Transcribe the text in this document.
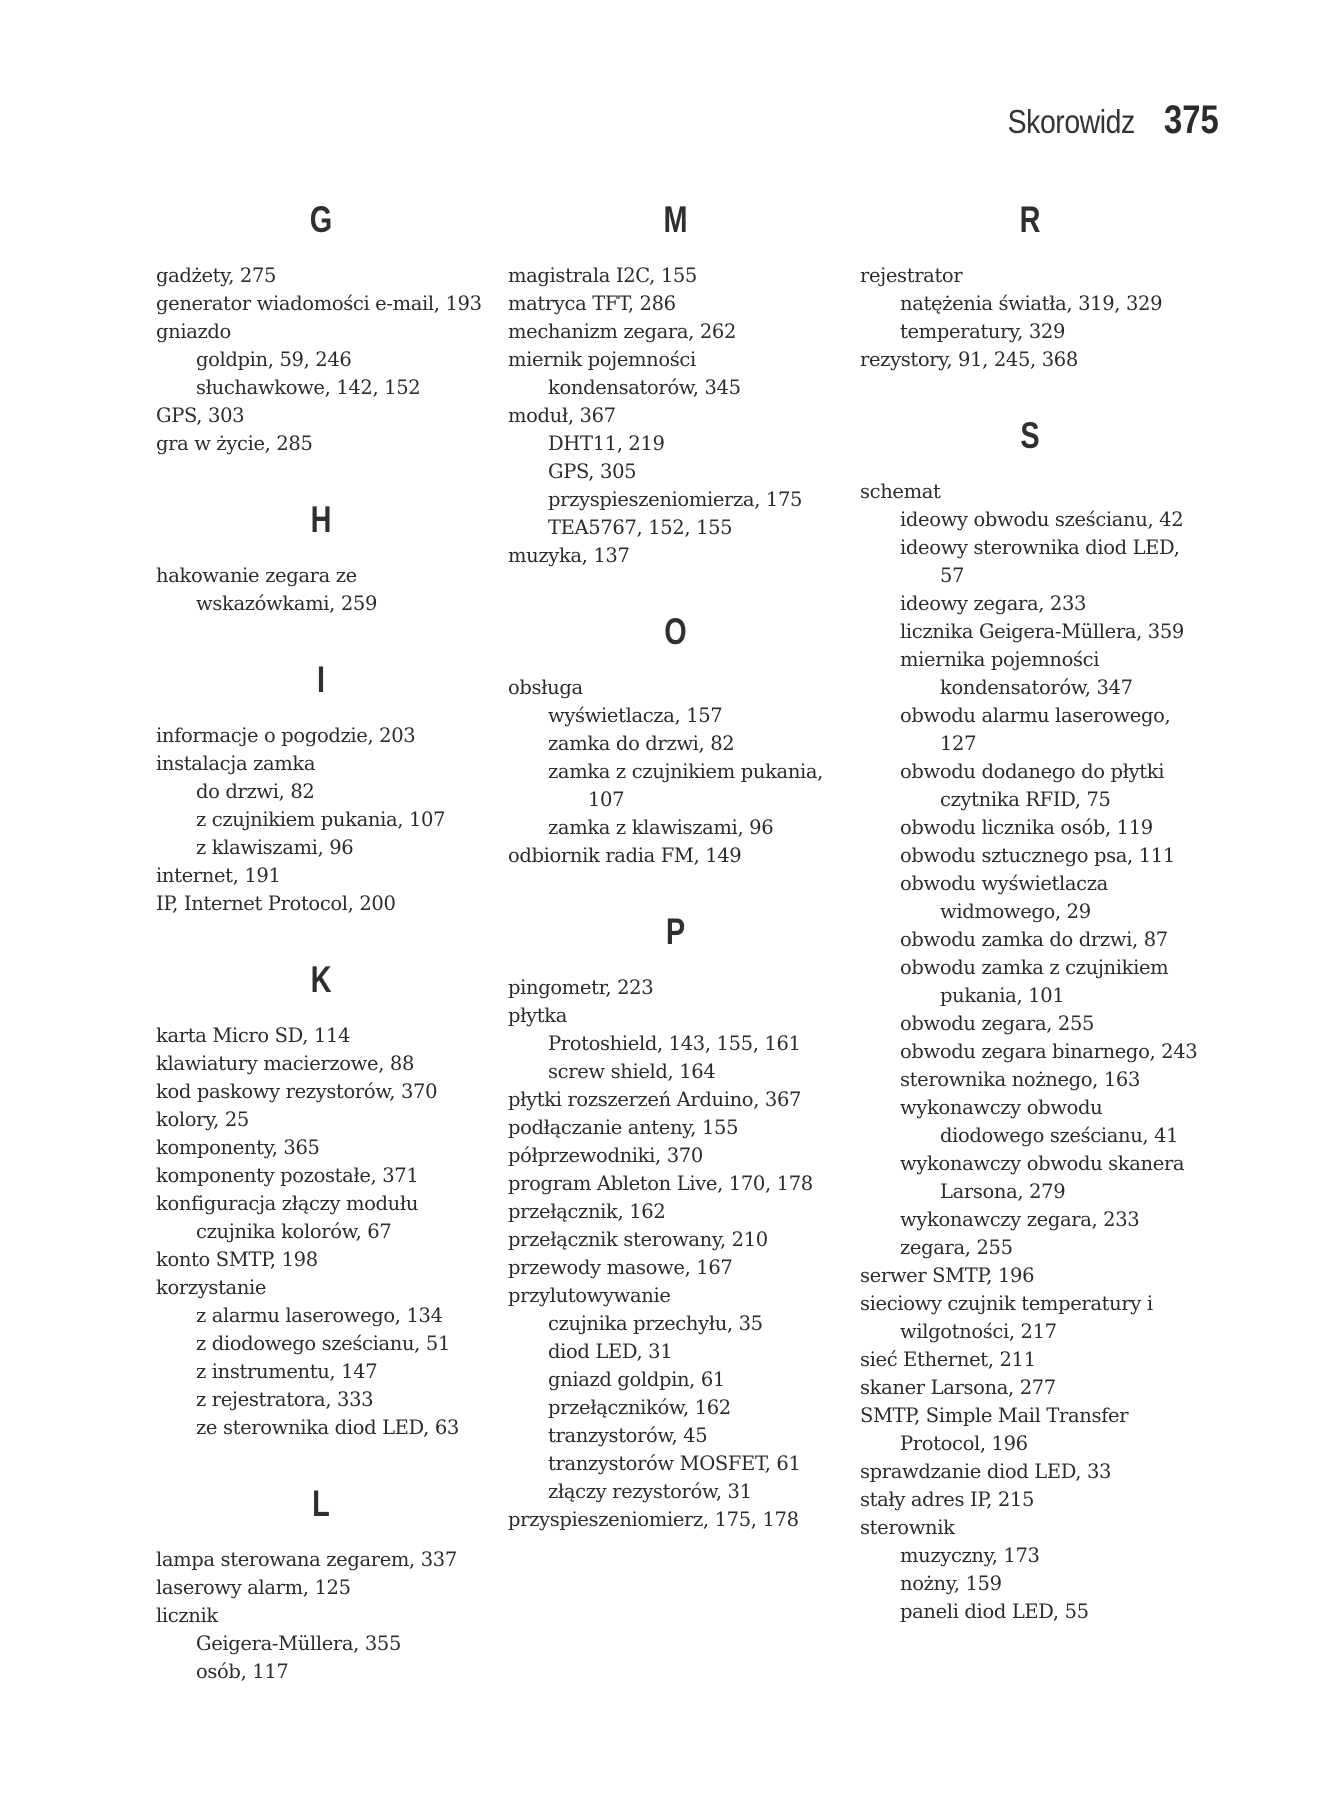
Skorowidz 375
G
gadżety, 275
generator wiadomości e-mail, 193
gniazdo
goldpin, 59, 246
słuchawkowe, 142, 152
GPS, 303
gra w życie, 285
H
hakowanie zegara ze wskazówkami, 259
I
informacje o pogodzie, 203
instalacja zamka
do drzwi, 82
z czujnikiem pukania, 107
z klawiszami, 96
internet, 191
IP, Internet Protocol, 200
K
karta Micro SD, 114
klawiatury macierzowe, 88
kod paskowy rezystorów, 370
kolory, 25
komponenty, 365
komponenty pozostałe, 371
konfiguracja złączy modułu czujnika kolorów, 67
konto SMTP, 198
korzystanie
z alarmu laserowego, 134
z diodowego sześcianu, 51
z instrumentu, 147
z rejestratora, 333
ze sterownika diod LED, 63
L
lampa sterowana zegarem, 337
laserowy alarm, 125
licznik
Geigera-Müllera, 355
osób, 117
M
magistrala I2C, 155
matryca TFT, 286
mechanizm zegara, 262
miernik pojemności
kondensatorów, 345
moduł, 367
DHT11, 219
GPS, 305
przyspieszeniomierza, 175
TEA5767, 152, 155
muzyka, 137
O
obsługa
wyświetlacza, 157
zamka do drzwi, 82
zamka z czujnikiem pukania, 107
zamka z klawiszami, 96
odbiornik radia FM, 149
P
pingometr, 223
płytka
Protoshield, 143, 155, 161
screw shield, 164
płytki rozszerzeń Arduino, 367
podłączanie anteny, 155
półprzewodniki, 370
program Ableton Live, 170, 178
przełącznik, 162
przełącznik sterowany, 210
przewody masowe, 167
przylutowywanie
czujnika przechyłu, 35
diod LED, 31
gniazd goldpin, 61
przełączników, 162
tranzystorów, 45
tranzystorów MOSFET, 61
złączy rezystorów, 31
przyspieszeniomierz, 175, 178
R
rejestrator
natężenia światła, 319, 329
temperatury, 329
rezystory, 91, 245, 368
S
schemat
ideowy obwodu sześcianu, 42
ideowy sterownika diod LED, 57
ideowy zegara, 233
licznika Geigera-Müllera, 359
miernika pojemności kondensatorów, 347
obwodu alarmu laserowego, 127
obwodu dodanego do płytki czytnika RFID, 75
obwodu licznika osób, 119
obwodu sztucznego psa, 111
obwodu wyświetlacza widmowego, 29
obwodu zamka do drzwi, 87
obwodu zamka z czujnikiem pukania, 101
obwodu zegara, 255
obwodu zegara binarnego, 243
sterownika nożnego, 163
wykonawczy obwodu diodowego sześcianu, 41
wykonawczy obwodu skanera Larsona, 279
wykonawczy zegara, 233
zegara, 255
serwer SMTP, 196
sieciowy czujnik temperatury i wilgotności, 217
sieć Ethernet, 211
skaner Larsona, 277
SMTP, Simple Mail Transfer Protocol, 196
sprawdzanie diod LED, 33
stały adres IP, 215
sterownik
muzyczny, 173
nożny, 159
paneli diod LED, 55
